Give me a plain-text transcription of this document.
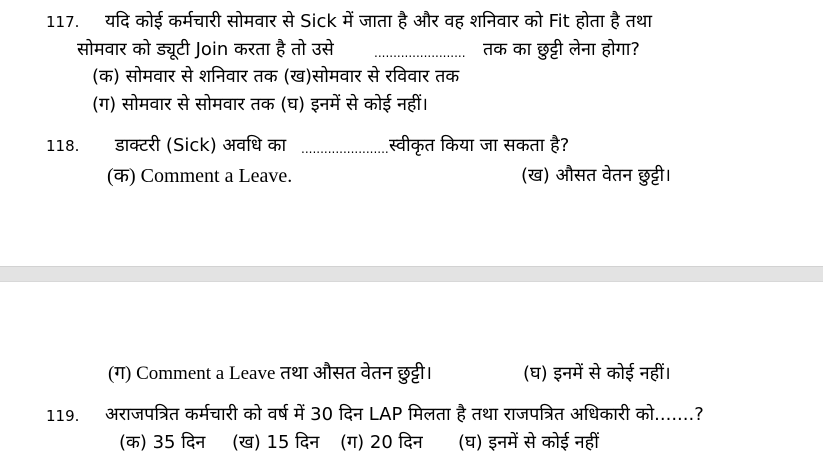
117. यदि कोई कर्मचारी सोमवार से Sick में जाता है और वह शनिवार को Fit होता है तथा
सोमवार को ड्यूटी Join करता है तो उसे	........................ तक का छुट्टी लेना होगा?
(क) सोमवार से शनिवार तक (ख)सोमवार से रविवार तक
(ग) सोमवार से सोमवार तक (घ) इनमें से कोई नहीं।
118. डाक्टरी (Sick) अवधि का ....................... स्वीकृत किया जा सकता है?
(क) Comment a Leave.	(ख) औसत वेतन छुट्टी।
(ग) Comment a Leave तथा औसत वेतन छुट्टी।	(घ) इनमें से कोई नहीं।
119. अराजपत्रित कर्मचारी को वर्ष में 30 दिन LAP मिलता है तथा राजपत्रित अधिकारी को.......?
(क) 35 दिन (ख) 15 दिन (ग) 20 दिन (घ) इनमें से कोई नहीं
